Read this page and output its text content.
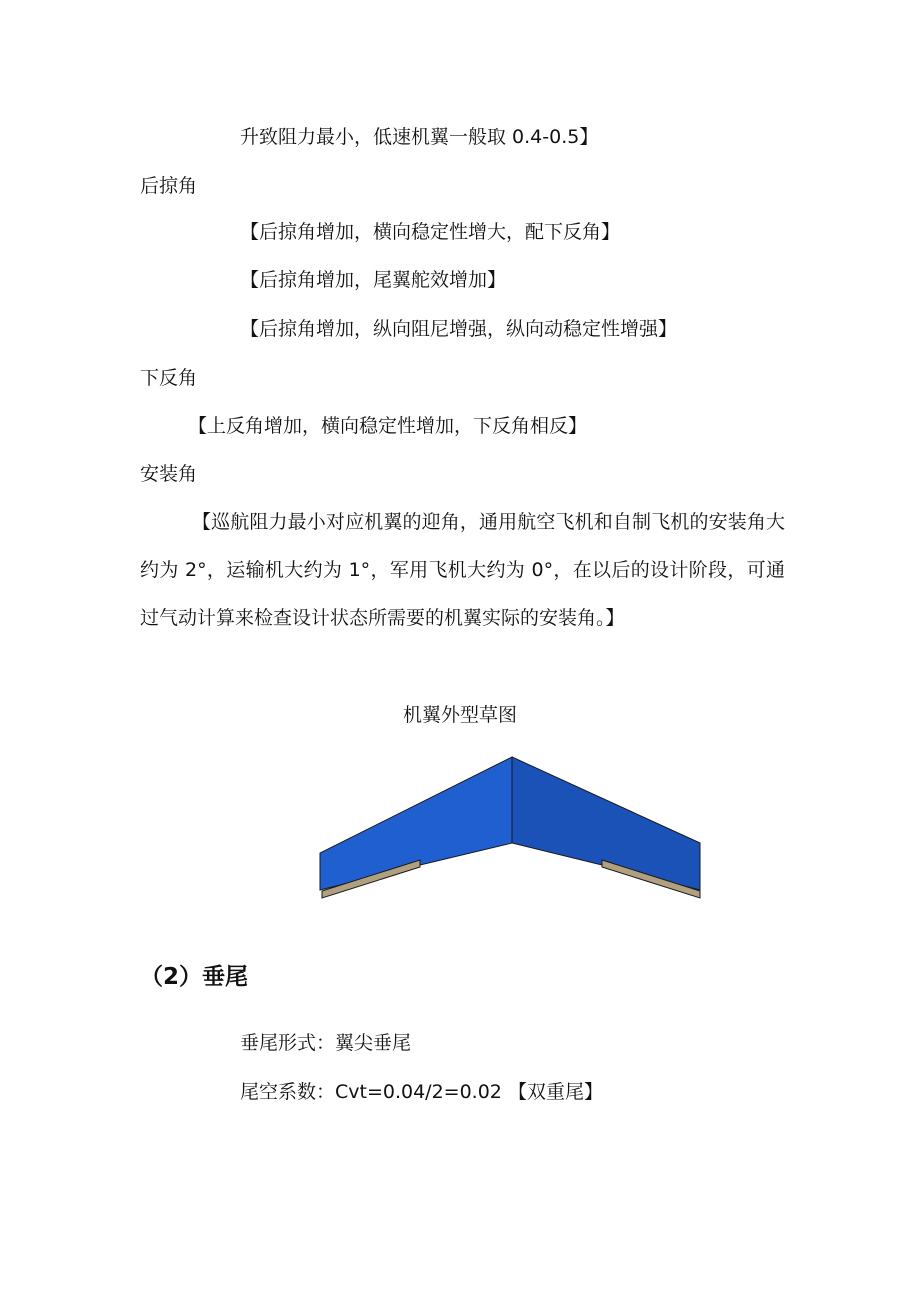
升致阻力最小，低速机翼一般取 0.4-0.5】
后掠角
【后掠角增加，横向稳定性增大，配下反角】
【后掠角增加，尾翼舵效增加】
【后掠角增加，纵向阻尼增强，纵向动稳定性增强】
下反角
【上反角增加，横向稳定性增加，下反角相反】
安装角
【巡航阻力最小对应机翼的迎角，通用航空飞机和自制飞机的安装角大约为 2°，运输机大约为 1°，军用飞机大约为 0°，在以后的设计阶段，可通过气动计算来检查设计状态所需要的机翼实际的安装角。】
机翼外型草图
（2）垂尾
垂尾形式：翼尖垂尾
尾空系数：Cvt=0.04/2=0.02 【双重尾】
